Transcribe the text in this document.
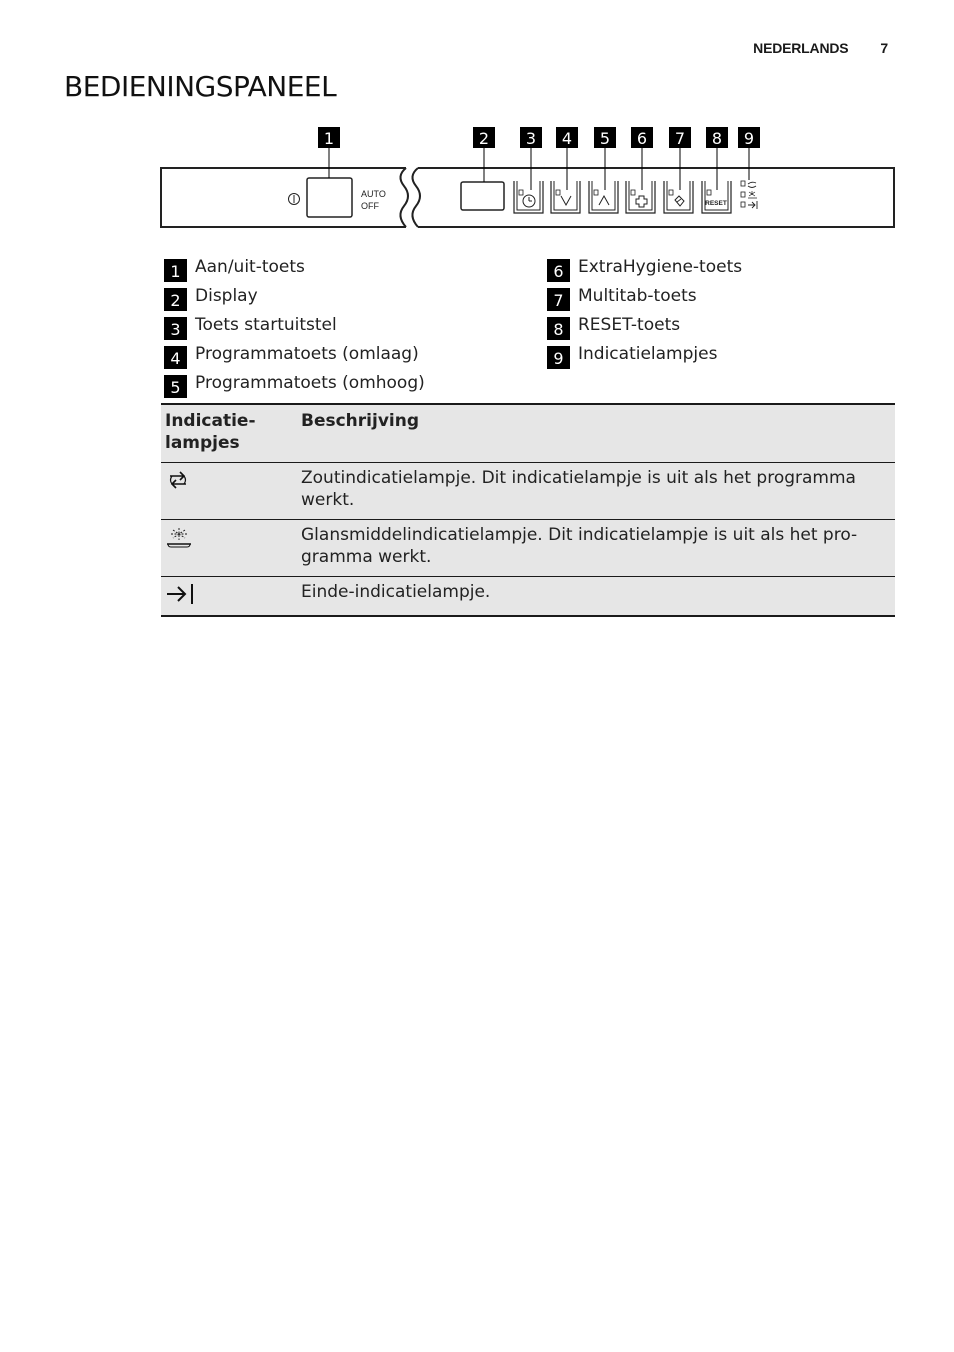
NEDERLANDS 7
BEDIENINGSPANEEL
AUTO
OFF	RESET
1	2 3 4 5 6 7 8 9
1 Aan/uit-toets
2 Display
3 Toets startuitstel
4 Programmatoets (omlaag)
5 Programmatoets (omhoog)
6 ExtraHygiene-toets
7 Multitab-toets
8 RESET-toets
9 Indicatielampjes
Indicatie-
lampjes	Beschrijving

	Zoutindicatielampje. Dit indicatielampje is uit als het programma werkt.

	Glansmiddelindicatielampje. Dit indicatielampje is uit als het pro-gramma werkt.

	Einde-indicatielampje.
